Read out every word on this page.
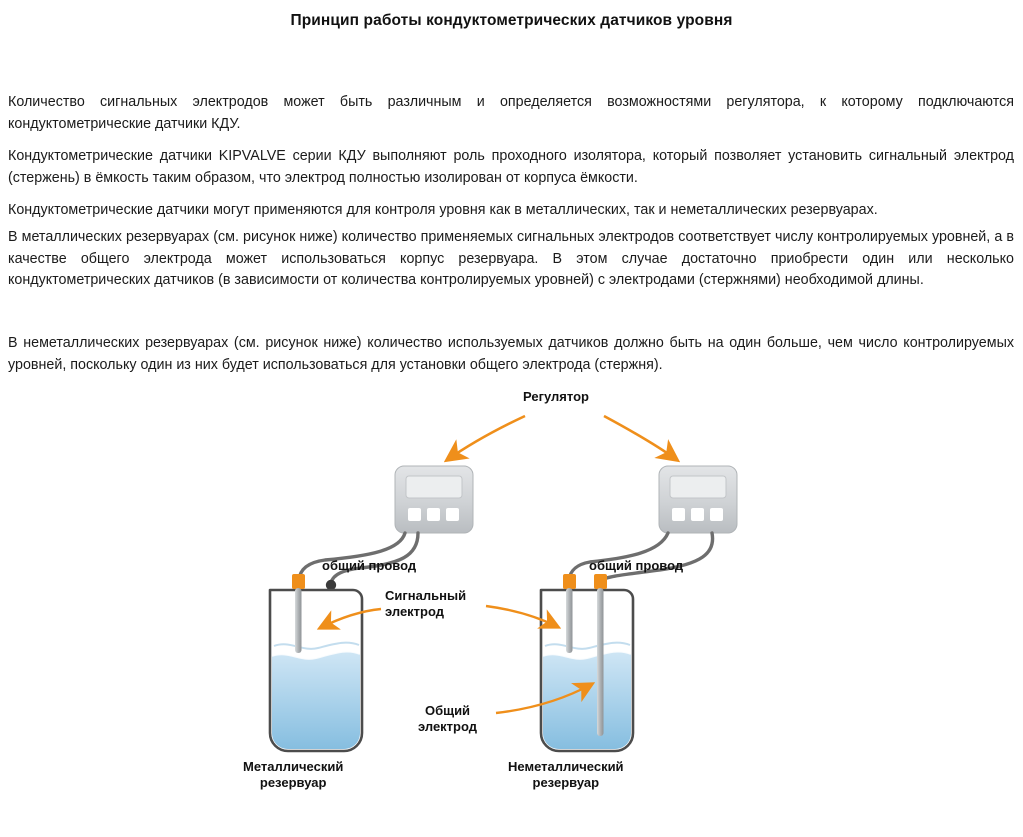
Принцип работы кондуктометрических датчиков уровня

Количество сигнальных электродов может быть различным и определяется возможностями регулятора, к которому подключаются кондуктометрические датчики КДУ.

Кондуктометрические датчики KIPVALVE серии КДУ выполняют роль проходного изолятора, который позволяет установить сигнальный электрод (стержень) в ёмкость таким образом, что электрод полностью изолирован от корпуса ёмкости.

Кондуктометрические датчики могут применяются для контроля уровня как в металлических, так и неметаллических резервуарах.

В металлических резервуарах (см. рисунок ниже) количество применяемых сигнальных электродов соответствует числу контролируемых уровней, а в качестве общего электрода может использоваться корпус резервуара. В этом случае достаточно приобрести один или несколько кондуктометрических датчиков (в зависимости от количества контролируемых уровней) с электродами (стержнями) необходимой длины.

В неметаллических резервуарах (см. рисунок ниже) количество используемых датчиков должно быть на один больше, чем число контролируемых уровней, поскольку один из них будет использоваться для установки общего электрода (стержня).

Регулятор
общий провод	общий провод
Сигнальный
электрод
Общий
электрод
Металлический
резервуар
Неметаллический
резервуар
